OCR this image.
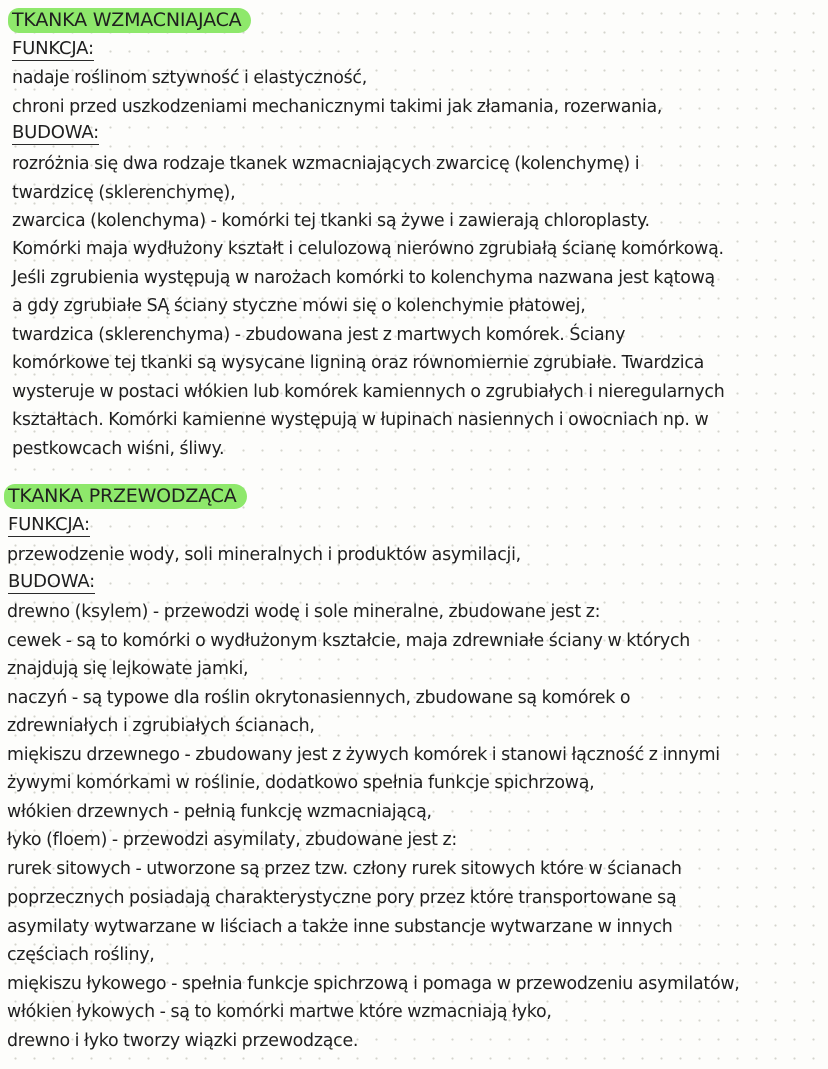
TKANKA WZMACNIAJACA
FUNKCJA:
nadaje roślinom sztywność i elastyczność,
chroni przed uszkodzeniami mechanicznymi takimi jak złamania, rozerwania,
BUDOWA:
rozróżnia się dwa rodzaje tkanek wzmacniających zwarcicę (kolenchymę) i
twardzicę (sklerenchymę),
zwarcica (kolenchyma) - komórki tej tkanki są żywe i zawierają chloroplasty.
Komórki maja wydłużony kształt i celulozową nierówno zgrubiałą ścianę komórkową.
Jeśli zgrubienia występują w narożach komórki to kolenchyma nazwana jest kątową
a gdy zgrubiałe SĄ ściany styczne mówi się o kolenchymie płatowej,
twardzica (sklerenchyma) - zbudowana jest z martwych komórek. Ściany
komórkowe tej tkanki są wysycane ligniną oraz równomiernie zgrubiałe. Twardzica
wysteruje w postaci włókien lub komórek kamiennych o zgrubiałych i nieregularnych
kształtach. Komórki kamienne występują w łupinach nasiennych i owocniach np. w
pestkowcach wiśni, śliwy.
TKANKA PRZEWODZĄCA
FUNKCJA:
przewodzenie wody, soli mineralnych i produktów asymilacji,
BUDOWA:
drewno (ksylem) - przewodzi wodę i sole mineralne, zbudowane jest z:
cewek - są to komórki o wydłużonym kształcie, maja zdrewniałe ściany w których
znajdują się lejkowate jamki,
naczyń - są typowe dla roślin okrytonasiennych, zbudowane są komórek o
zdrewniałych i zgrubiałych ścianach,
miękiszu drzewnego - zbudowany jest z żywych komórek i stanowi łączność z innymi
żywymi komórkami w roślinie, dodatkowo spełnia funkcje spichrzową,
włókien drzewnych - pełnią funkcję wzmacniającą,
łyko (floem) - przewodzi asymilaty, zbudowane jest z:
rurek sitowych - utworzone są przez tzw. człony rurek sitowych które w ścianach
poprzecznych posiadają charakterystyczne pory przez które transportowane są
asymilaty wytwarzane w liściach a także inne substancje wytwarzane w innych
częściach rośliny,
miękiszu łykowego - spełnia funkcje spichrzową i pomaga w przewodzeniu asymilatów,
włókien łykowych - są to komórki martwe które wzmacniają łyko,
drewno i łyko tworzy wiązki przewodzące.
